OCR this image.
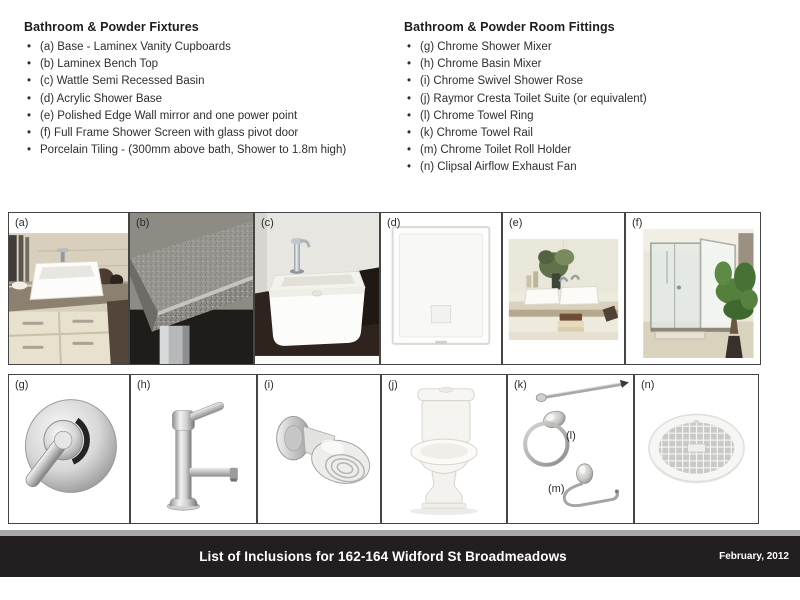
Bathroom & Powder Fixtures
• (a) Base - Laminex Vanity Cupboards
• (b) Laminex Bench Top
• (c) Wattle Semi Recessed Basin
• (d) Acrylic Shower Base
• (e) Polished Edge Wall mirror and one power point
• (f) Full Frame Shower Screen with glass pivot door
• Porcelain Tiling - (300mm above bath, Shower to 1.8m high)
Bathroom & Powder Room Fittings
• (g) Chrome Shower Mixer
• (h) Chrome Basin Mixer
• (i) Chrome Swivel Shower Rose
• (j) Raymor Cresta Toilet Suite (or equivalent)
• (l) Chrome Towel Ring
• (k) Chrome Towel Rail
• (m) Chrome Toilet Roll Holder
• (n) Clipsal Airflow Exhaust Fan
(a)	(b)	(c)	(d)	(e)	(f)
(g)	(h)	(i)	(j)	(k)
(l)
(m)
(n)
List of Inclusions for 162-164 Widford St Broadmeadows	February, 2012
